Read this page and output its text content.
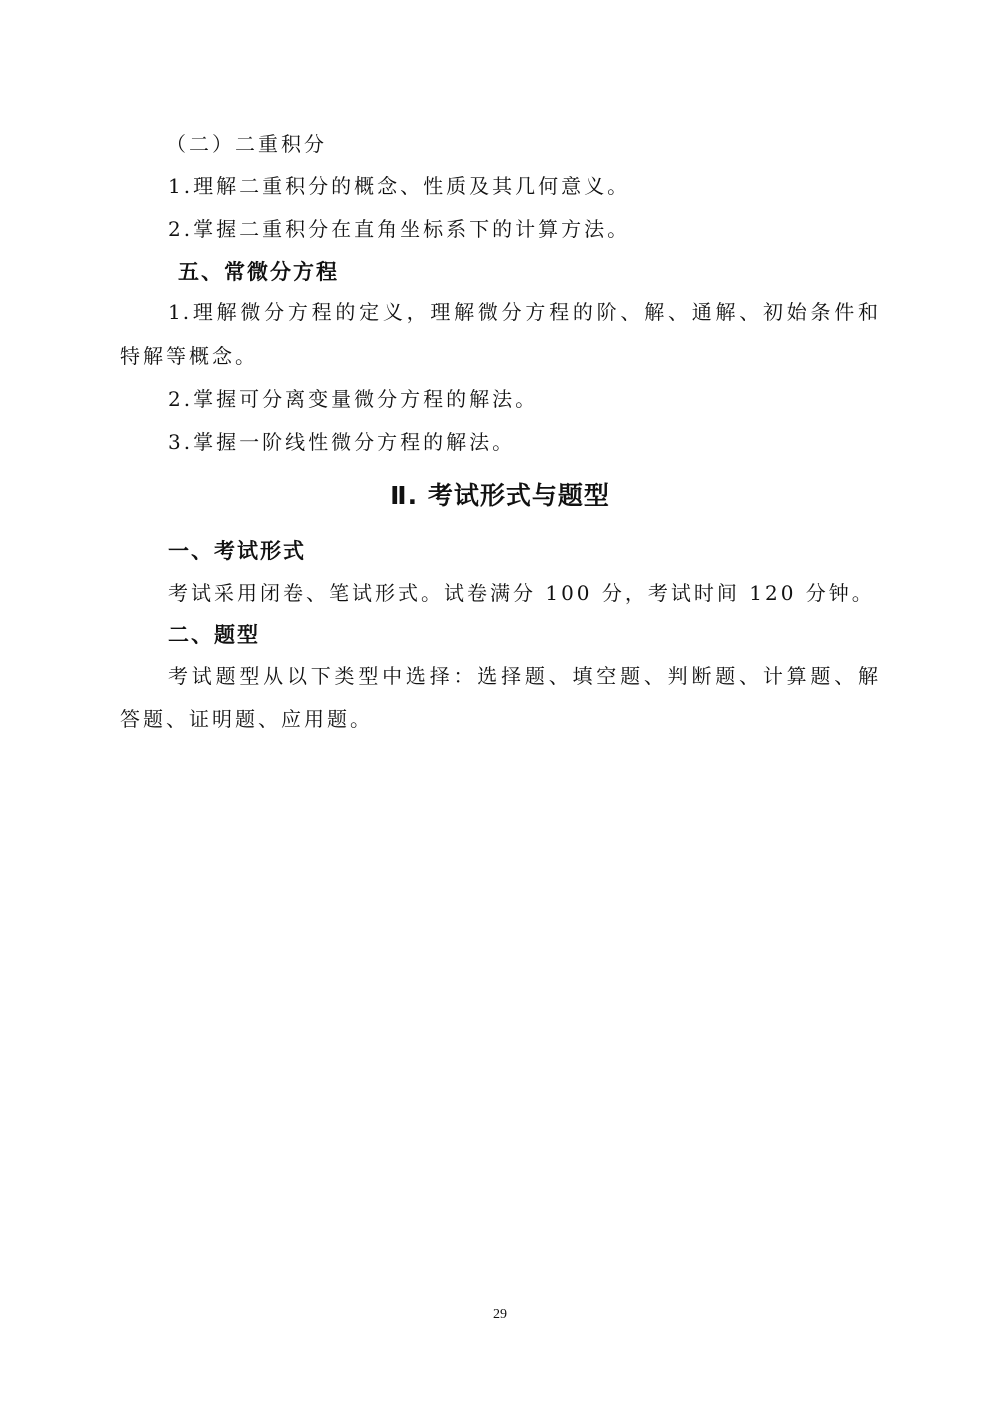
（二）二重积分
1.理解二重积分的概念、性质及其几何意义。
2.掌握二重积分在直角坐标系下的计算方法。
五、常微分方程
1.理解微分方程的定义，理解微分方程的阶、解、通解、初始条件和
特解等概念。
2.掌握可分离变量微分方程的解法。
3.掌握一阶线性微分方程的解法。
Ⅱ. 考试形式与题型
一、考试形式
考试采用闭卷、笔试形式。试卷满分 100 分，考试时间 120 分钟。
二、题型
考试题型从以下类型中选择：选择题、填空题、判断题、计算题、解
答题、证明题、应用题。
29
